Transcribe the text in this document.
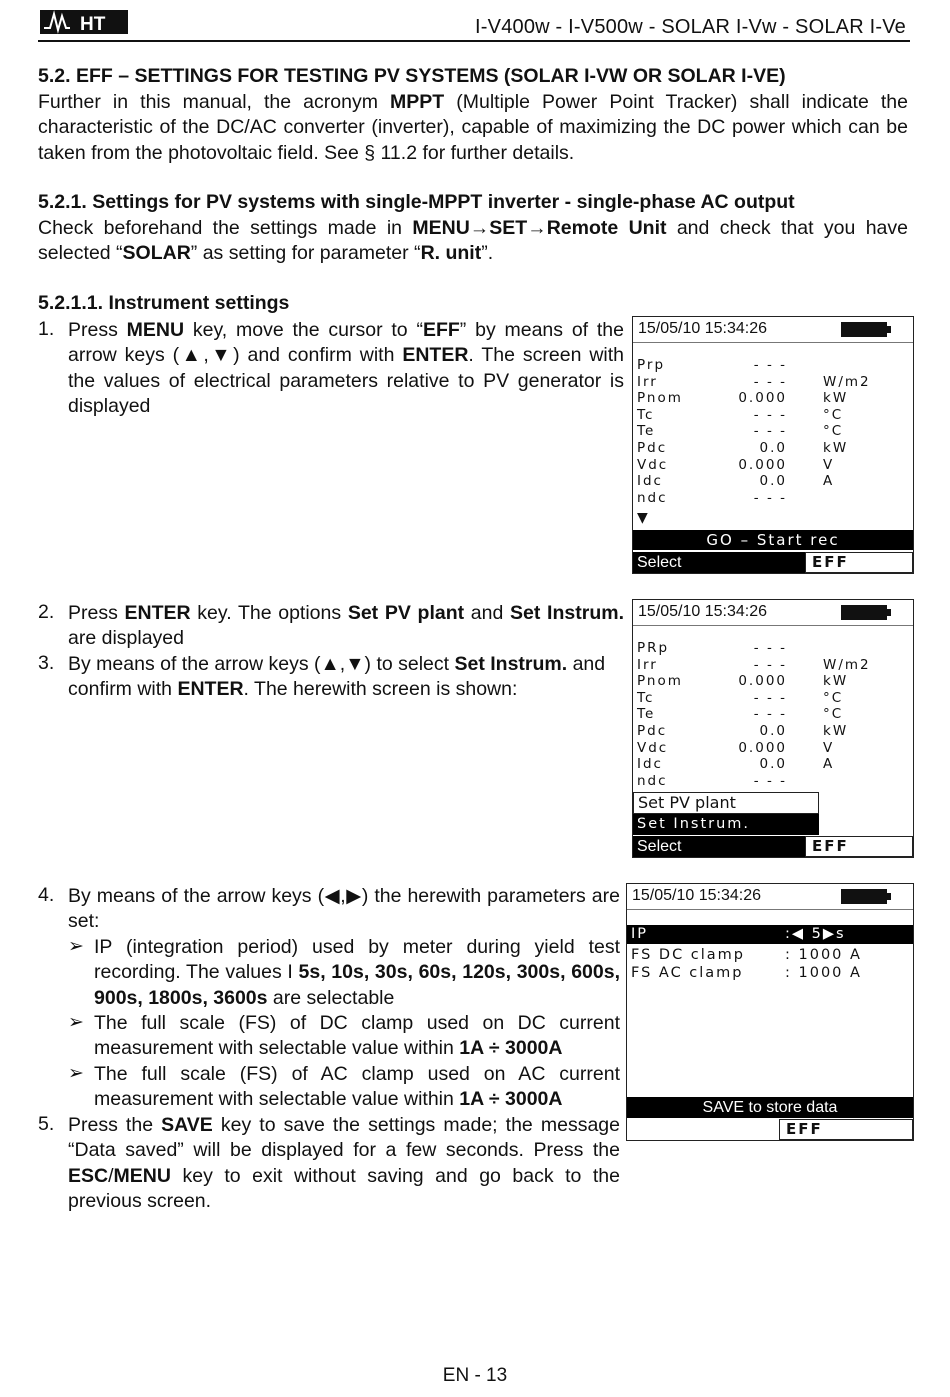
HT	I-V400w - I-V500w - SOLAR I-Vw - SOLAR I-Ve
5.2. EFF – SETTINGS FOR TESTING PV SYSTEMS (SOLAR I-VW OR SOLAR I-VE)
Further in this manual, the acronym MPPT (Multiple Power Point Tracker) shall indicate the characteristic of the DC/AC converter (inverter), capable of maximizing the DC power which can be taken from the photovoltaic field. See § 11.2 for further details.
5.2.1. Settings for PV systems with single-MPPT inverter - single-phase AC output
Check beforehand the settings made in MENU→SET→Remote Unit and check that you have selected “SOLAR” as setting for parameter “R. unit”.
5.2.1.1. Instrument settings
1. Press MENU key, move the cursor to “EFF” by means of the arrow keys (▲,▼) and confirm with ENTER. The screen with the values of electrical parameters relative to PV generator is displayed
15/05/10 15:34:26
Prp	- - -
Irr	- - -	W/m2
Pnom	0.000	kW
Tc	- - -	°C
Te	- - -	°C
Pdc	0.0	kW
Vdc	0.000	V
Idc	0.0	A
ndc	- - -
▼
GO – Start rec
Select	EFF
2. Press ENTER key. The options Set PV plant and Set Instrum. are displayed
3. By means of the arrow keys (▲,▼) to select Set Instrum. and confirm with ENTER. The herewith screen is shown:
15/05/10 15:34:26
PRp	- - -
Irr	- - -	W/m2
Pnom	0.000	kW
Tc	- - -	°C
Te	- - -	°C
Pdc	0.0	kW
Vdc	0.000	V
Idc	0.0	A
ndc	- - -
Set PV plant
Set Instrum.
Select	EFF
4. By means of the arrow keys (◀,▶) the herewith parameters are set:
➢ IP (integration period) used by meter during yield test recording. The values I 5s, 10s, 30s, 60s, 120s, 300s, 600s, 900s, 1800s, 3600s are selectable
➢ The full scale (FS) of DC clamp used on DC current measurement with selectable value within 1A ÷ 3000A
➢ The full scale (FS) of AC clamp used on AC current measurement with selectable value within 1A ÷ 3000A
5. Press the SAVE key to save the settings made; the message “Data saved” will be displayed for a few seconds. Press the ESC/MENU key to exit without saving and go back to the previous screen.
15/05/10 15:34:26
IP	:◀ 5▶s
FS DC clamp	: 1000 A
FS AC clamp	: 1000 A
SAVE to store data
EFF
EN - 13
